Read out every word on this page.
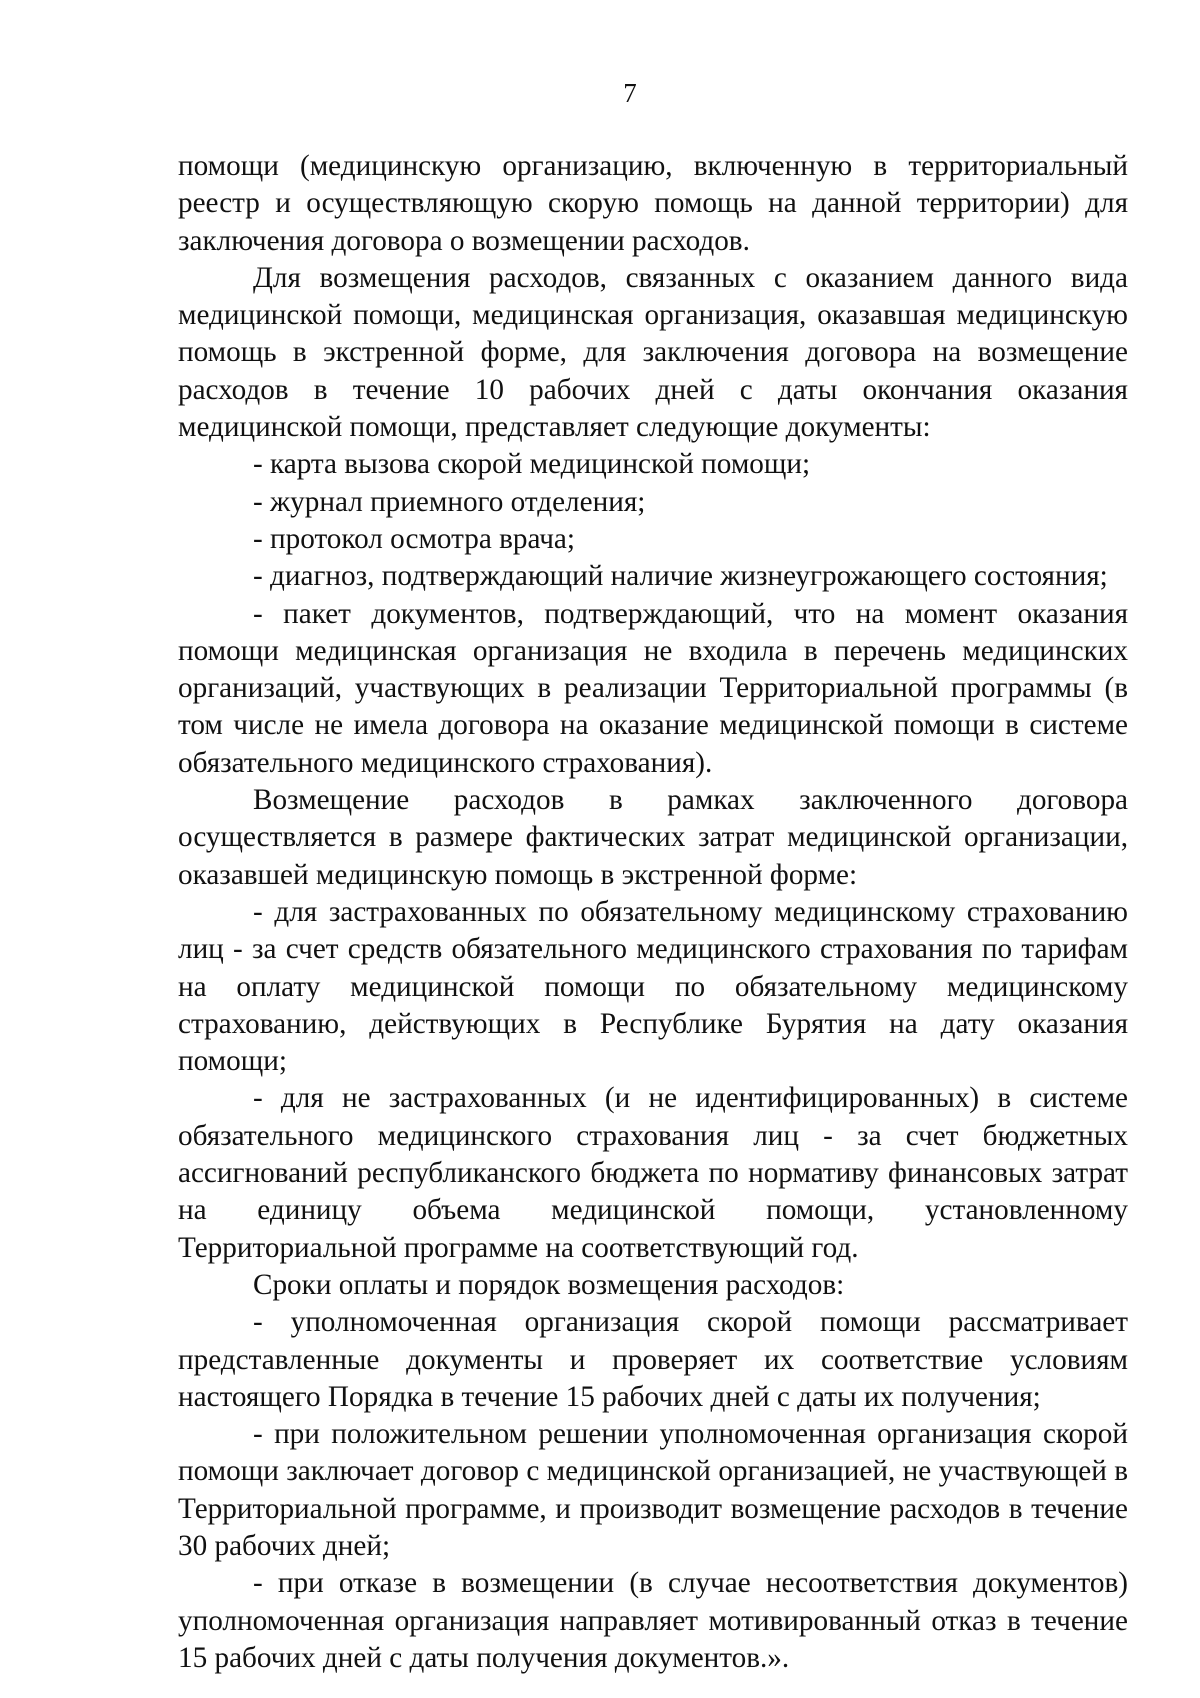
7

помощи (медицинскую организацию, включенную в территориальный реестр и осуществляющую скорую помощь на данной территории) для заключения договора о возмещении расходов.

Для возмещения расходов, связанных с оказанием данного вида медицинской помощи, медицинская организация, оказавшая медицинскую помощь в экстренной форме, для заключения договора на возмещение расходов в течение 10 рабочих дней с даты окончания оказания медицинской помощи, представляет следующие документы:

- карта вызова скорой медицинской помощи;

- журнал приемного отделения;

- протокол осмотра врача;

- диагноз, подтверждающий наличие жизнеугрожающего состояния;

- пакет документов, подтверждающий, что на момент оказания помощи медицинская организация не входила в перечень медицинских организаций, участвующих в реализации Территориальной программы (в том числе не имела договора на оказание медицинской помощи в системе обязательного медицинского страхования).

Возмещение расходов в рамках заключенного договора осуществляется в размере фактических затрат медицинской организации, оказавшей медицинскую помощь в экстренной форме:

- для застрахованных по обязательному медицинскому страхованию лиц - за счет средств обязательного медицинского страхования по тарифам на оплату медицинской помощи по обязательному медицинскому страхованию, действующих в Республике Бурятия на дату оказания помощи;

- для не застрахованных (и не идентифицированных) в системе обязательного медицинского страхования лиц - за счет бюджетных ассигнований республиканского бюджета по нормативу финансовых затрат на единицу объема медицинской помощи, установленному Территориальной программе на соответствующий год.

Сроки оплаты и порядок возмещения расходов:

- уполномоченная организация скорой помощи рассматривает представленные документы и проверяет их соответствие условиям настоящего Порядка в течение 15 рабочих дней с даты их получения;

- при положительном решении уполномоченная организация скорой помощи заключает договор с медицинской организацией, не участвующей в Территориальной программе, и производит возмещение расходов в течение 30 рабочих дней;

- при отказе в возмещении (в случае несоответствия документов) уполномоченная организация направляет мотивированный отказ в течение 15 рабочих дней с даты получения документов.».
